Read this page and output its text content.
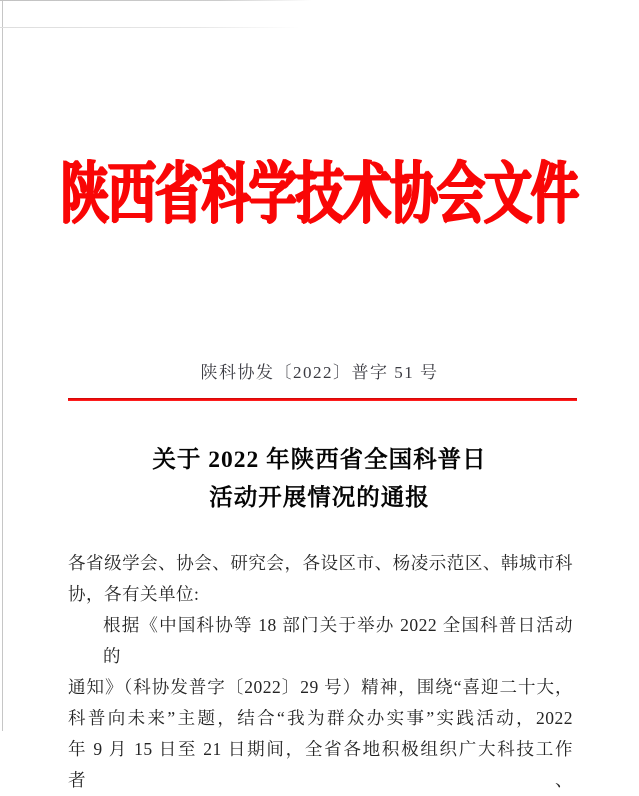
陕西省科学技术协会文件
陕科协发〔2022〕普字 51 号
关于 2022 年陕西省全国科普日
活动开展情况的通报
各省级学会、协会、研究会，各设区市、杨凌示范区、韩城市科
协，各有关单位:
根据《中国科协等 18 部门关于举办 2022 全国科普日活动的
通知》（科协发普字〔2022〕29 号）精神，围绕“喜迎二十大，
科普向未来”主题，结合“我为群众办实事”实践活动，2022
年 9 月 15 日至 21 日期间，全省各地积极组织广大科技工作者、
